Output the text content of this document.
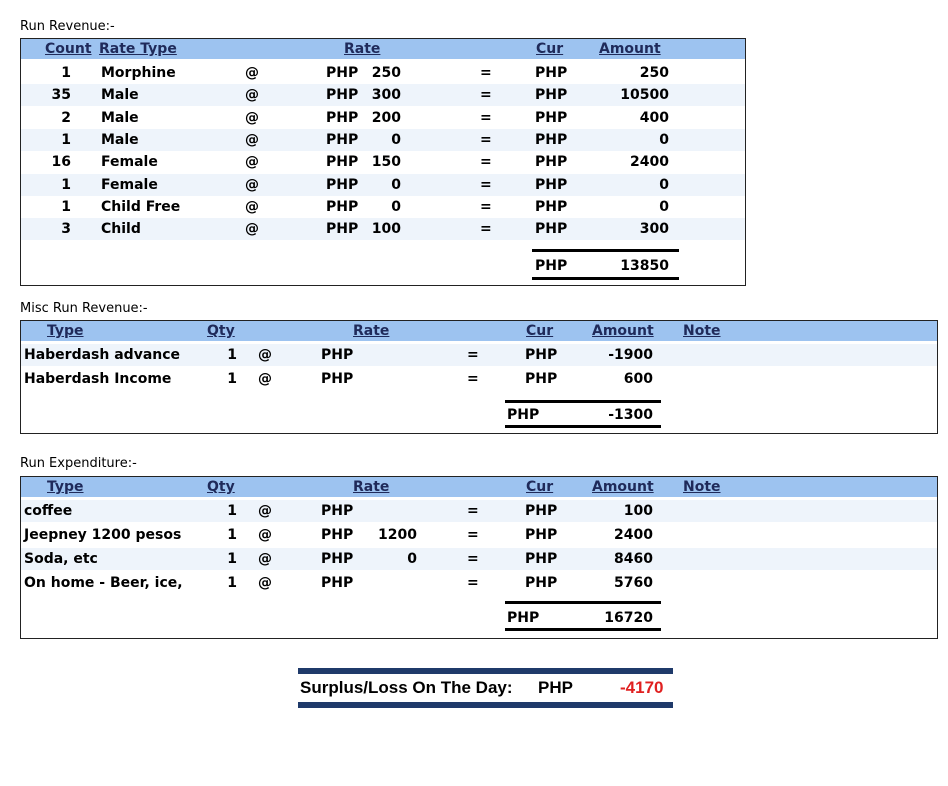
Run Revenue:-
Count Rate Type	Rate	Cur	Amount
1 Morphine	@	PHP 250	=	PHP	250
35 Male	@	PHP 300	=	PHP	10500
2 Male	@	PHP 200	=	PHP	400
1 Male	@	PHP	0	=	PHP	0
16 Female	@	PHP 150	=	PHP	2400
1 Female	@	PHP	0	=	PHP	0
1 Child Free	@	PHP	0	=	PHP	0
3 Child	@	PHP 100	=	PHP	300
PHP	13850
Misc Run Revenue:-
Type	Qty	Rate	Cur	Amount Note
Haberdash advance	1 @	PHP	=	PHP	-1900
Haberdash Income	1 @	PHP	=	PHP	600
PHP	-1300
Run Expenditure:-
Type	Qty	Rate	Cur	Amount Note
coffee	1 @	PHP	=	PHP	100
Jeepney 1200 pesos	1 @	PHP	1200	=	PHP	2400
Soda, etc	1 @	PHP	0	=	PHP	8460
On home - Beer, ice,	1 @	PHP	=	PHP	5760
PHP	16720
Surplus/Loss On The Day: PHP	-4170
